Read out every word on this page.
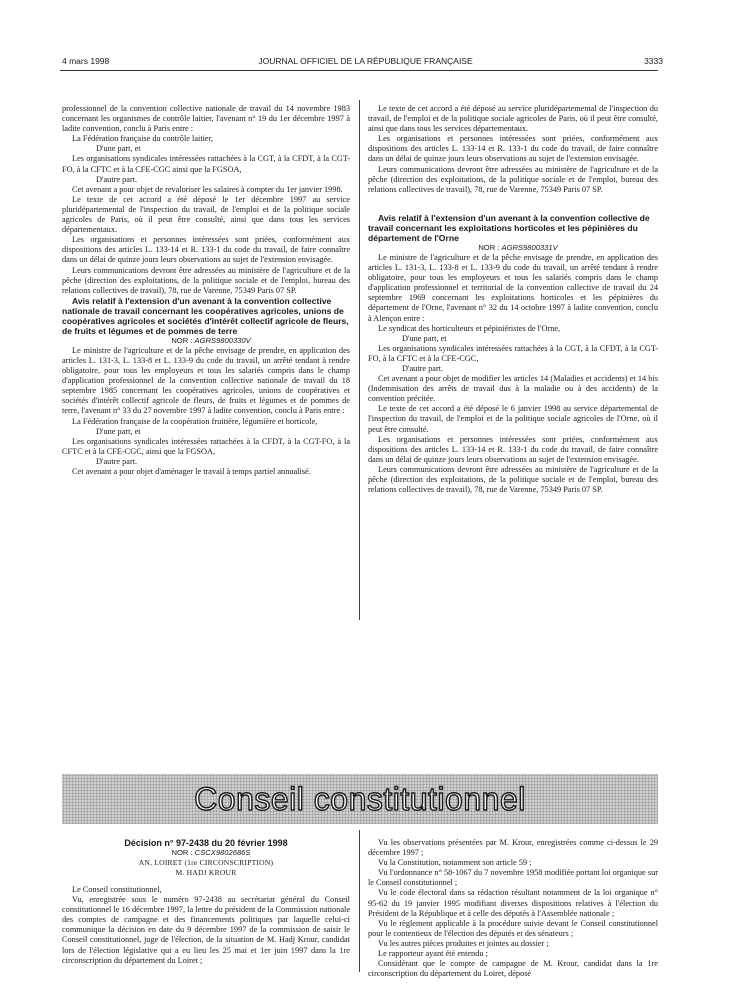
4 mars 1998	JOURNAL OFFICIEL DE LA RÉPUBLIQUE FRANÇAISE	3333

professionnel de la convention collective nationale de travail du 14 novembre 1983 concernant les organismes de contrôle laitier, l'avenant n° 19 du 1er décembre 1997 à ladite convention, conclu à Paris entre :

La Fédération française du contrôle laitier,

D'une part, et

Les organisations syndicales intéressées rattachées à la CGT, à la CFDT, à la CGT-FO, à la CFTC et à la CFE-CGC ainsi que la FGSOA,

D'autre part.

Cet avenant a pour objet de revaloriser les salaires à compter du 1er janvier 1998.

Le texte de cet accord a été déposé le 1er décembre 1997 au service pluridépartemental de l'inspection du travail, de l'emploi et de la politique sociale agricoles de Paris, où il peut être consulté, ainsi que dans tous les services départementaux.

Les organisations et personnes intéressées sont priées, conformément aux dispositions des articles L. 133-14 et R. 133-1 du code du travail, de faire connaître dans un délai de quinze jours leurs observations au sujet de l'extension envisagée.

Leurs communications devront être adressées au ministère de l'agriculture et de la pêche (direction des exploitations, de la politique sociale et de l'emploi, bureau des relations collectives de travail), 78, rue de Varenne, 75349 Paris 07 SP.

Avis relatif à l'extension d'un avenant à la convention collective nationale de travail concernant les coopératives agricoles, unions de coopératives agricoles et sociétés d'intérêt collectif agricole de fleurs, de fruits et légumes et de pommes de terre

NOR : AGRS9800330V

Le ministre de l'agriculture et de la pêche envisage de prendre, en application des articles L. 131-3, L. 133-8 et L. 133-9 du code du travail, un arrêté tendant à rendre obligatoire, pour tous les employeurs et tous les salariés compris dans le champ d'application professionnel de la convention collective nationale de travail du 18 septembre 1985 concernant les coopératives agricoles, unions de coopératives et sociétés d'intérêt collectif agricole de fleurs, de fruits et légumes et de pommes de terre, l'avenant n° 33 du 27 novembre 1997 à ladite convention, conclu à Paris entre :

La Fédération française de la coopération fruitière, légumière et horticole,

D'une part, et

Les organisations syndicales intéressées rattachées à la CFDT, à la CGT-FO, à la CFTC et à la CFE-CGC, ainsi que la FGSOA,

D'autre part.

Cet avenant a pour objet d'aménager le travail à temps partiel annualisé.

Le texte de cet accord a été déposé au service pluridépartemental de l'inspection du travail, de l'emploi et de la politique sociale agricoles de Paris, où il peut être consulté, ainsi que dans tous les services départementaux.

Les organisations et personnes intéressées sont priées, conformément aux dispositions des articles L. 133-14 et R. 133-1 du code du travail, de faire connaître dans un délai de quinze jours leurs observations au sujet de l'extension envisagée.

Leurs communications devront être adressées au ministère de l'agriculture et de la pêche (direction des exploitations, de la politique sociale et de l'emploi, bureau des relations collectives de travail), 78, rue de Varenne, 75349 Paris 07 SP.

Avis relatif à l'extension d'un avenant à la convention collective de travail concernant les exploitations horticoles et les pépinières du département de l'Orne

NOR : AGRS9800331V

Le ministre de l'agriculture et de la pêche envisage de prendre, en application des articles L. 131-3, L. 133-8 et L. 133-9 du code du travail, un arrêté tendant à rendre obligatoire, pour tous les employeurs et tous les salariés compris dans le champ d'application professionnel et territorial de la convention collective de travail du 24 septembre 1969 concernant les exploitations horticoles et les pépinières du département de l'Orne, l'avenant n° 32 du 14 octobre 1997 à ladite convention, conclu à Alençon entre :

Le syndicat des horticulteurs et pépiniéristes de l'Orne,

D'une part, et

Les organisations syndicales intéressées rattachées à la CGT, à la CFDT, à la CGT-FO, à la CFTC et à la CFE-CGC,

D'autre part.

Cet avenant a pour objet de modifier les articles 14 (Maladies et accidents) et 14 bis (Indemnisation des arrêts de travail dus à la maladie ou à des accidents) de la convention précitée.

Le texte de cet accord a été déposé le 6 janvier 1998 au service départemental de l'inspection du travail, de l'emploi et de la politique sociale agricoles de l'Orne, où il peut être consulté.

Les organisations et personnes intéressées sont priées, conformément aux dispositions des articles L. 133-14 et R. 133-1 du code du travail, de faire connaître dans un délai de quinze jours leurs observations au sujet de l'extension envisagée.

Leurs communications devront être adressées au ministère de l'agriculture et de la pêche (direction des exploitations, de la politique sociale et de l'emploi, bureau des relations collectives de travail), 78, rue de Varenne, 75349 Paris 07 SP.

Conseil constitutionnel

Décision n° 97-2438 du 20 février 1998

NOR : CSCX9802686S

AN, LOIRET (1re CIRCONSCRIPTION)

M. HADJ KROUR

Le Conseil constitutionnel,

Vu, enregistrée sous le numéro 97-2438 au secrétariat général du Conseil constitutionnel le 16 décembre 1997, la lettre du président de la Commission nationale des comptes de campagne et des financements politiques par laquelle celui-ci communique la décision en date du 9 décembre 1997 de la commission de saisir le Conseil constitutionnel, juge de l'élection, de la situation de M. Hadj Krour, candidat lors de l'élection législative qui a eu lieu les 25 mai et 1er juin 1997 dans la 1re circonscription du département du Loiret ;

Vu les observations présentées par M. Krour, enregistrées comme ci-dessus le 29 décembre 1997 ;

Vu la Constitution, notamment son article 59 ;

Vu l'ordonnance n° 58-1067 du 7 novembre 1958 modifiée portant loi organique sur le Conseil constitutionnel ;

Vu le code électoral dans sa rédaction résultant notamment de la loi organique n° 95-62 du 19 janvier 1995 modifiant diverses dispositions relatives à l'élection du Président de la République et à celle des députés à l'Assemblée nationale ;

Vu le règlement applicable à la procédure suivie devant le Conseil constitutionnel pour le contentieux de l'élection des députés et des sénateurs ;

Vu les autres pièces produites et jointes au dossier ;

Le rapporteur ayant été entendu ;

Considérant que le compte de campagne de M. Krour, candidat dans la 1re circonscription du département du Loiret, déposé
